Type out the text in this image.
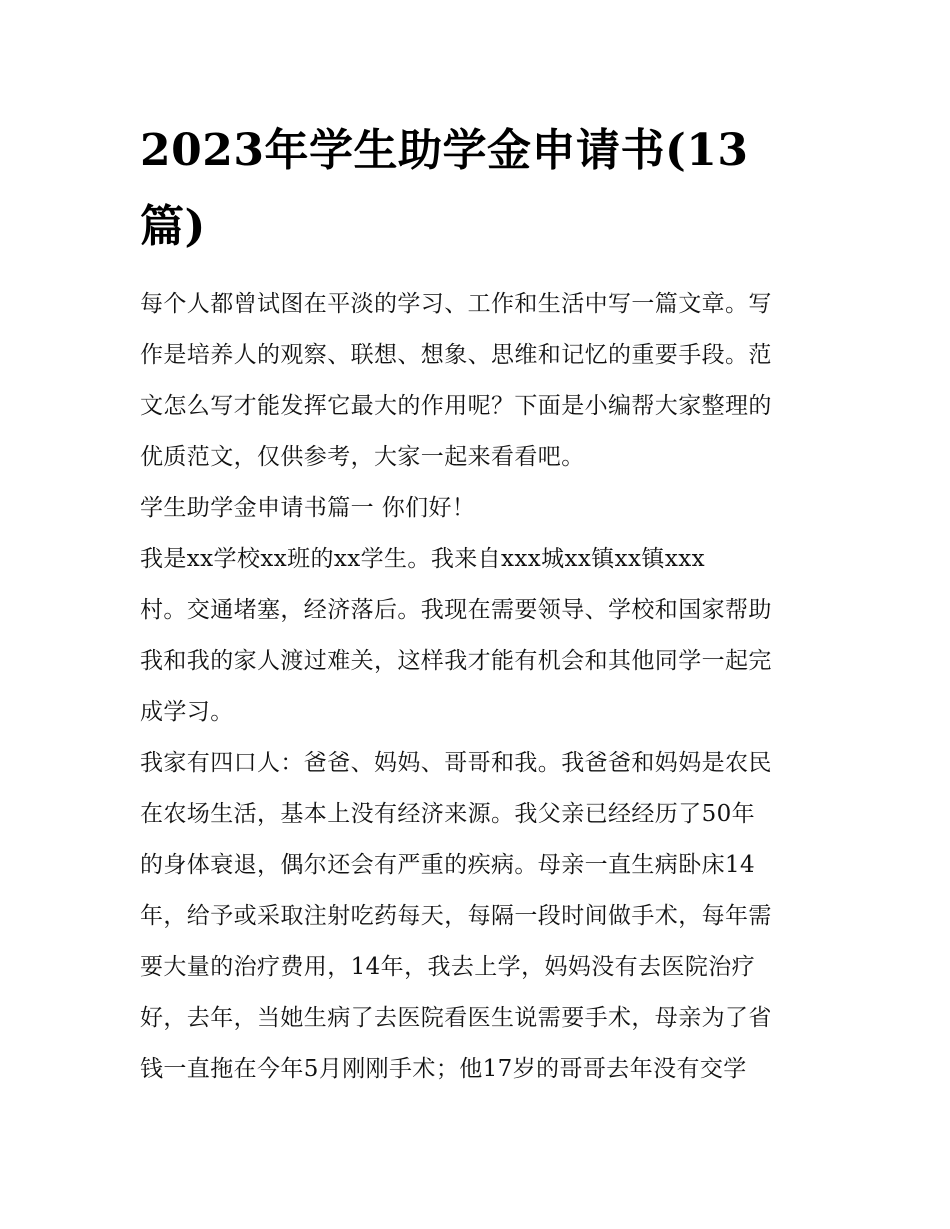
2023年学生助学金申请书(13
篇)

每个人都曾试图在平淡的学习、工作和生活中写一篇文章。写

作是培养人的观察、联想、想象、思维和记忆的重要手段。范

文怎么写才能发挥它最大的作用呢？下面是小编帮大家整理的

优质范文，仅供参考，大家一起来看看吧。

学生助学金申请书篇一 你们好！

我是xx学校xx班的xx学生。我来自xxx城xx镇xx镇xxx

村。交通堵塞，经济落后。我现在需要领导、学校和国家帮助

我和我的家人渡过难关，这样我才能有机会和其他同学一起完

成学习。

我家有四口人：爸爸、妈妈、哥哥和我。我爸爸和妈妈是农民

在农场生活，基本上没有经济来源。我父亲已经经历了50年

的身体衰退，偶尔还会有严重的疾病。母亲一直生病卧床14

年，给予或采取注射吃药每天，每隔一段时间做手术，每年需

要大量的治疗费用，14年，我去上学，妈妈没有去医院治疗

好，去年，当她生病了去医院看医生说需要手术，母亲为了省

钱一直拖在今年5月刚刚手术；他17岁的哥哥去年没有交学
